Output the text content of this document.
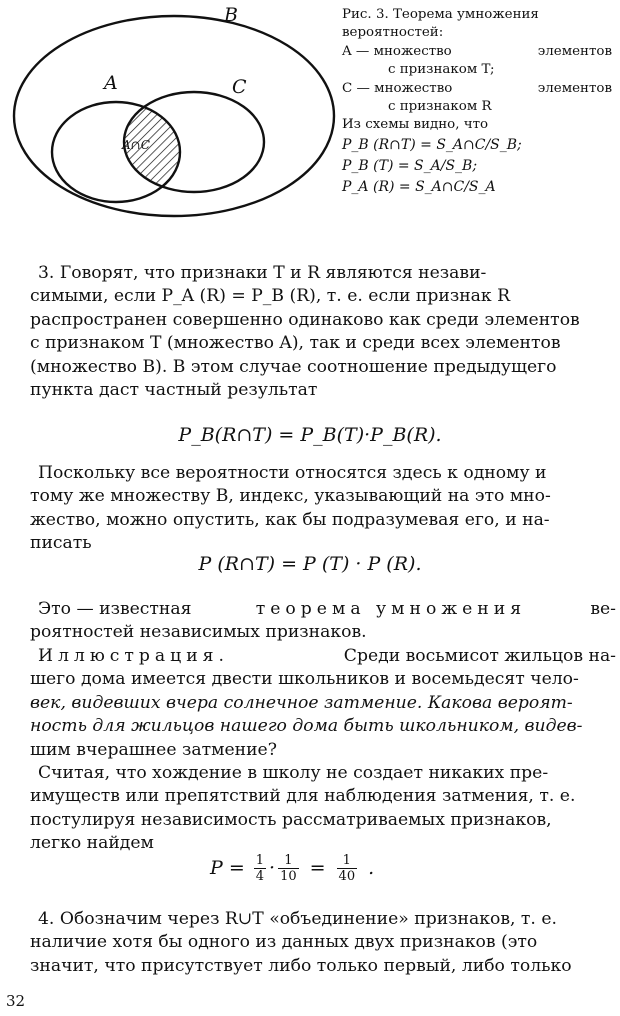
B
A	C
A∩C
Рис. 3. Теорема умножения вероятностей:
A — множество	элементов
с признаком T;
C — множество	элементов
с признаком R
Из схемы видно, что
P_B (R∩T) = S_A∩C/S_B;
P_B (T) = S_A/S_B;
P_A (R) = S_A∩C/S_A

3. Говорят, что признаки T и R являются незави-

симыми, если P_A (R) = P_B (R), т. е. если признак R

распространен совершенно одинаково как среди элементов

с признаком T (множество A), так и среди всех элементов

(множество B). В этом случае соотношение предыдущего

пункта даст частный результат

P_B(R∩T) = P_B(T)·P_B(R).

Поскольку все вероятности относятся здесь к одному и

тому же множеству B, индекс, указывающий на это мно-

жество, можно опустить, как бы подразумевая его, и на-

писать

P (R∩T) = P (T) · P (R).

Это — известная	теорема умножения	ве-

роятностей независимых признаков.

Иллюстрация.	Среди восьмисот жильцов на-

шего дома имеется двести школьников и восемьдесят чело-

век, видевших вчера солнечное затмение. Какова вероят-

ность для жильцов нашего дома быть школьником, видев-

шим вчерашнее затмение?

Считая, что хождение в школу не создает никаких пре-

имуществ или препятствий для наблюдения затмения, т. е.

постулируя независимость рассматриваемых признаков,

легко найдем

$P = \frac{1}{4} \cdot \frac{1}{10} = \frac{1}{40}$ .

4. Обозначим через R∪T «объединение» признаков, т. е.

наличие хотя бы одного из данных двух признаков (это

значит, что присутствует либо только первый, либо только

32
